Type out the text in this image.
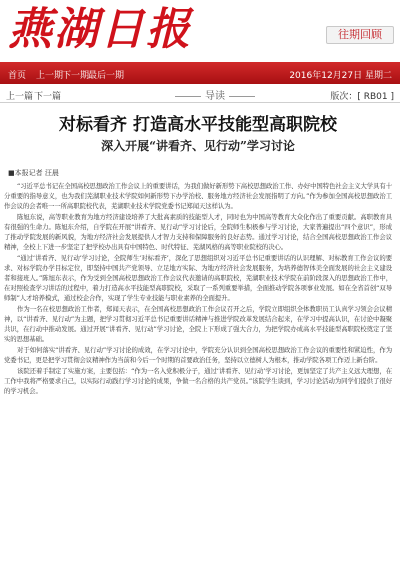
燕湖日报	往期回顾
首页 上一期
下一期
最后一期	2016年12月27日 星期二
上一篇 下一篇	导读	版次：[ RB01 ]
对标看齐 打造高水平技能型高职院校
深入开展“讲看齐、见行动”学习讨论
■本报记者 汪晨

“习近平总书记在全国高校思想政治工作会议上的重要讲话，为我们做好新形势下高校思想政治工作、办好中国特色社会主义大学具有十分重要的指导意义，也为我们芜湖职业技术学院如何新形势下办学治校、服务地方经济社会发展指明了方向。”作为参加全国高校思想政治工作会议的会者唯一一所高职院校代表，芜湖职业技术学院党委书记郑闻天这样认为。

陈旭东说，高等职业教育为地方经济建设培养了大批高素质的技能型人才，同时也为中国高等教育大众化作出了重要贡献。高职教育具有很强的生命力。陈旭东介绍，自学院在开展“讲看齐、见行动”学习讨论后，全院师生积极参与学习讨论，大家普遍提出“四个意识”，形成了推动学院发展的新风貌，为地方经济社会发展提供人才智力支持和保障服务的良好态势。通过学习讨论，结合全国高校思想政治工作会议精神，全校上下进一步坚定了把学校办出具有中国特色、时代特征、芜湖风格的高等职业院校的决心。

“通过‘讲看齐、见行动’学习讨论，全院师生‘对标看齐’，深化了思想组织对习近平总书记重要讲话的认识理解、对标教育工作会议的要求、对标学院办学目标定位，即坚持中国共产党领导、立足地方实际、为地方经济社会发展服务，为培养德智体美全面发展的社会主义建设者和接班人。”陈旭东表示，作为受到全国高校思想政治工作会议代表邀请的高职院校，芜湖职业技术学院在前阶段深入的思想政治工作中，在对照检查学习讲话的过程中，着力打造高水平技能型高职院校，采取了一系列重要举措，全面推动学院各项事业发展。如在全省首创“双导师制”人才培养模式，通过校企合作，实现了学生专业技能与职业素养的全面提升。

作为一名在校思想政治工作者，郑闻天表示，在全国高校思想政治工作会议召开之后，学院立即组织全体教职员工认真学习领会会议精神，以“讲看齐、见行动”为主题，把学习贯彻习近平总书记重要讲话精神与推进学院改革发展结合起来，在学习中提高认识，在讨论中凝聚共识，在行动中推动发展。通过开展“讲看齐、见行动”学习讨论，全院上下形成了强大合力，为把学院办成高水平技能型高职院校奠定了坚实的思想基础。

对于如何落实“讲看齐、见行动”学习讨论的成效，在学习讨论中，学院充分认识到全国高校思想政治工作会议的重要性和紧迫性，作为党委书记，更是把学习贯彻会议精神作为当前和今后一个时期的首要政治任务，坚持以立德树人为根本，推动学院各项工作迈上新台阶。

该院还着手制定了实施方案，主要包括：“作为一名入党积极分子，通过‘讲看齐、见行动’学习讨论，更加坚定了共产主义远大理想，在工作中我将严格要求自己，以实际行动践行学习讨论的成果，争做一名合格的共产党员。”该院学生谈到，学习讨论活动为同学们提供了很好的学习机会。
